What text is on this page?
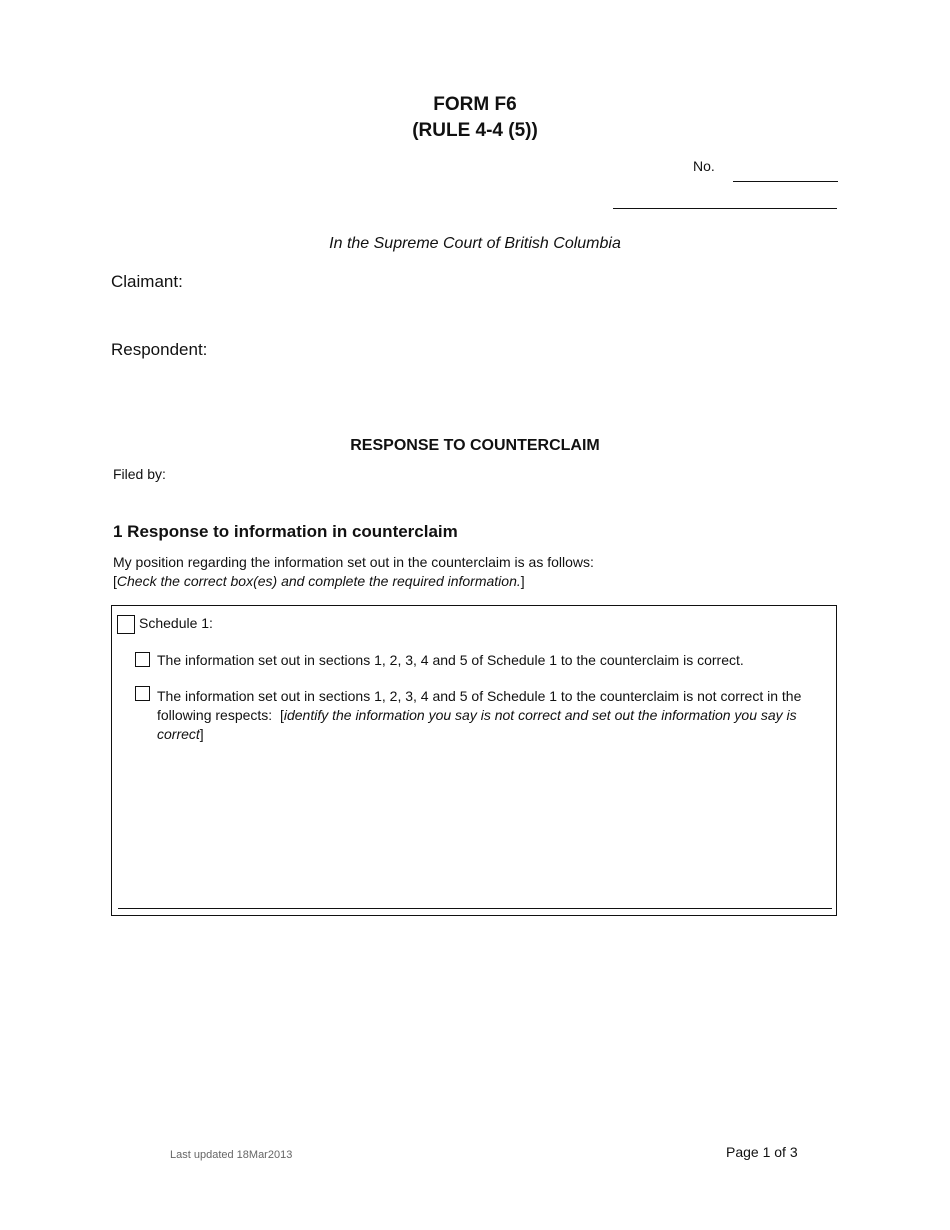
FORM F6
(RULE 4-4 (5))
No.
In the Supreme Court of British Columbia
Claimant:
Respondent:
RESPONSE TO COUNTERCLAIM
Filed by:
1 Response to information in counterclaim
My position regarding the information set out in the counterclaim is as follows:
[Check the correct box(es) and complete the required information.]
Schedule 1:
The information set out in sections 1, 2, 3, 4 and 5 of Schedule 1 to the counterclaim is correct.
The information set out in sections 1, 2, 3, 4 and 5 of Schedule 1 to the counterclaim is not correct in the following respects: [identify the information you say is not correct and set out the information you say is correct]
Last updated 18Mar2013	Page 1 of 3
